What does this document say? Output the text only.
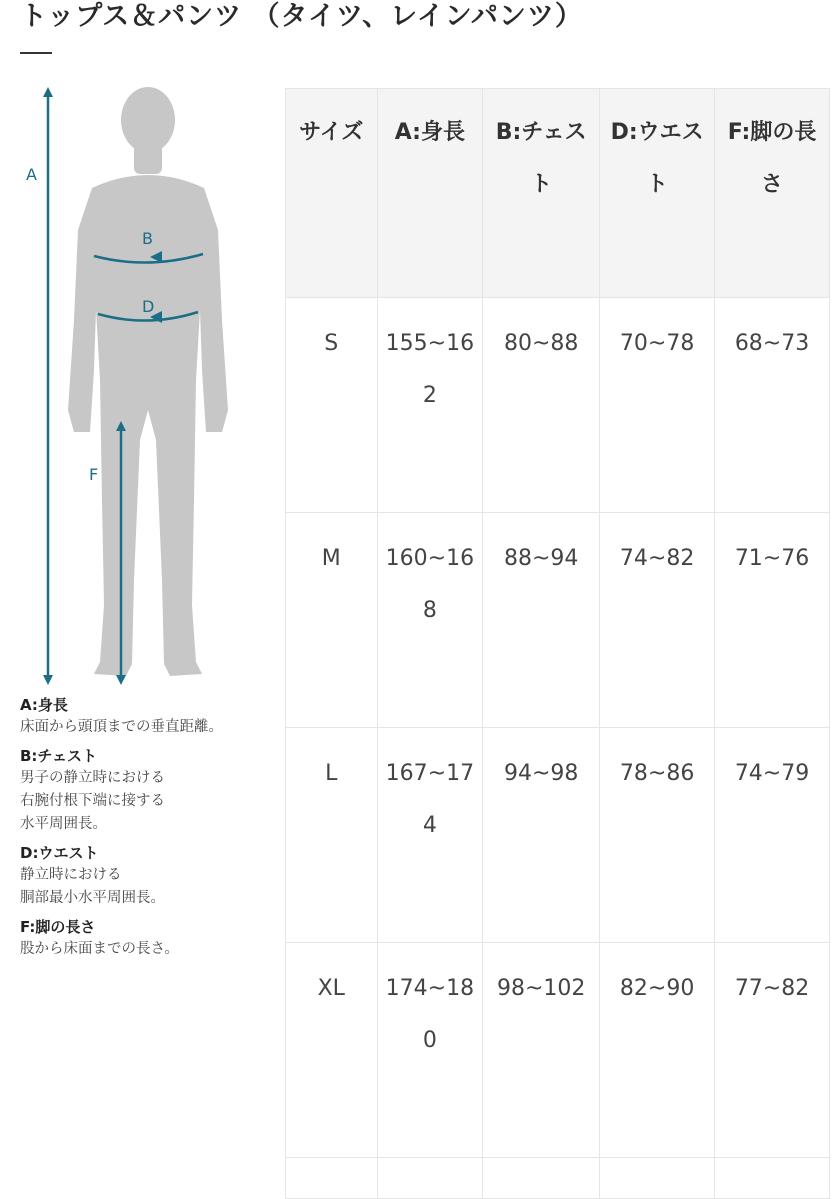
トップス＆パンツ （タイツ、レインパンツ）
A
B
D
F
A:身長
床面から頭頂までの垂直距離。
B:チェスト
男子の静立時における
右腕付根下端に接する
水平周囲長。
D:ウエスト
静立時における
胴部最小水平周囲長。
F:脚の長さ
股から床面までの長さ。
サイズ	A:身長	B:チェスト	D:ウエスト	F:脚の長さ
S	155~162	80~88	70~78	68~73
M	160~168	88~94	74~82	71~76
L	167~174	94~98	78~86	74~79
XL	174~180	98~102	82~90	77~82
